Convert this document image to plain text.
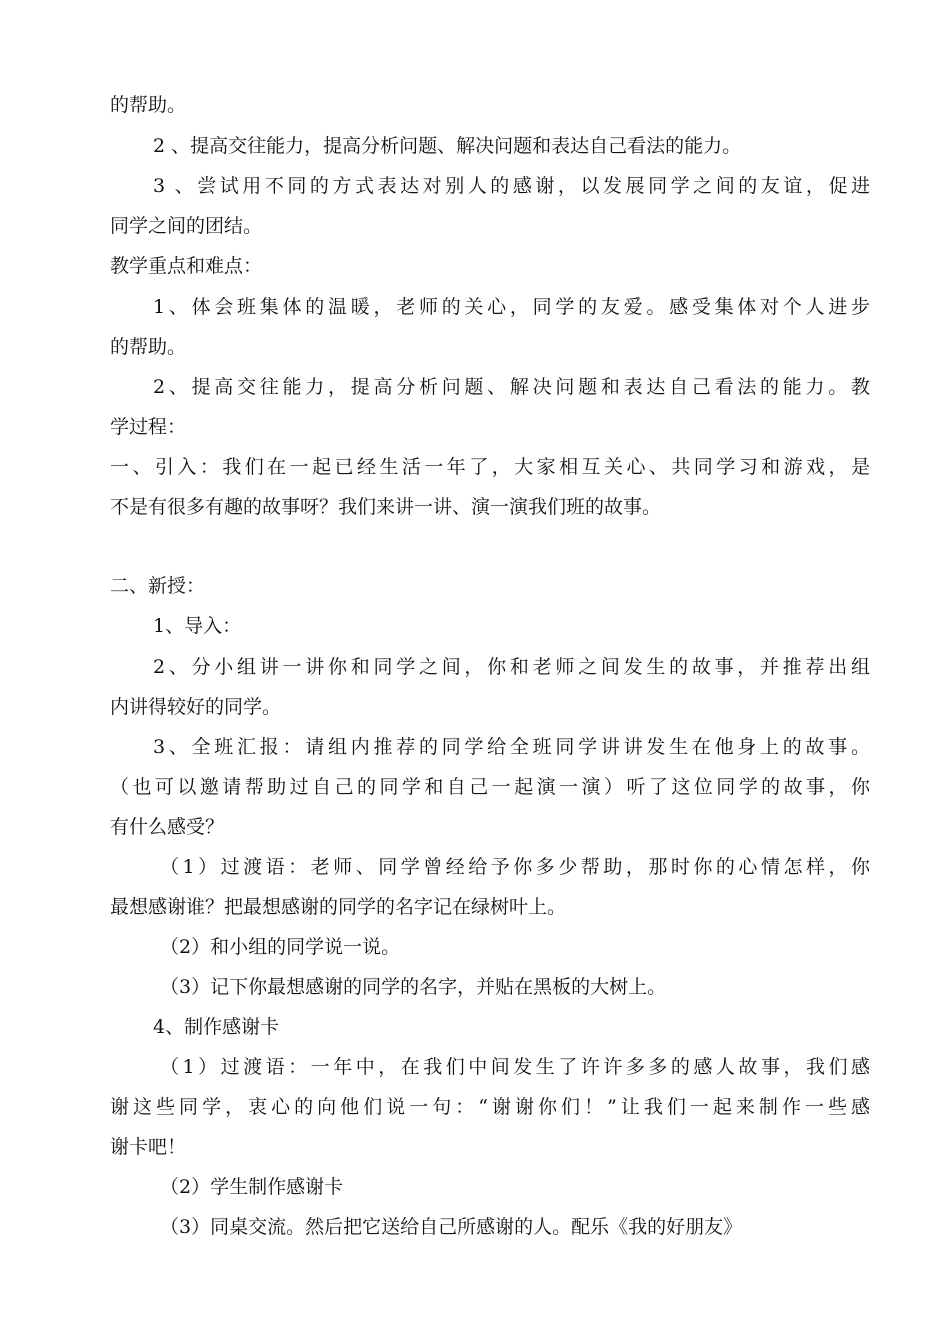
的帮助。
2 、提高交往能力，提高分析问题、解决问题和表达自己看法的能力。
3 、尝试用不同的方式表达对别人的感谢，以发展同学之间的友谊，促进
同学之间的团结。
教学重点和难点：
1、体会班集体的温暖，老师的关心，同学的友爱。感受集体对个人进步
的帮助。
2、提高交往能力，提高分析问题、解决问题和表达自己看法的能力。教
学过程：
一、引入：我们在一起已经生活一年了，大家相互关心、共同学习和游戏，是
不是有很多有趣的故事呀？我们来讲一讲、演一演我们班的故事。
二、新授：
1、导入：
2、分小组讲一讲你和同学之间，你和老师之间发生的故事，并推荐出组
内讲得较好的同学。
3、全班汇报：请组内推荐的同学给全班同学讲讲发生在他身上的故事。
（也可以邀请帮助过自己的同学和自己一起演一演）听了这位同学的故事，你
有什么感受？
（1）过渡语：老师、同学曾经给予你多少帮助，那时你的心情怎样，你
最想感谢谁？把最想感谢的同学的名字记在绿树叶上。
（2）和小组的同学说一说。
（3）记下你最想感谢的同学的名字，并贴在黑板的大树上。
4、制作感谢卡
（1）过渡语：一年中，在我们中间发生了许许多多的感人故事，我们感
谢这些同学，衷心的向他们说一句：“谢谢你们！”让我们一起来制作一些感
谢卡吧！
（2）学生制作感谢卡
（3）同桌交流。然后把它送给自己所感谢的人。配乐《我的好朋友》
